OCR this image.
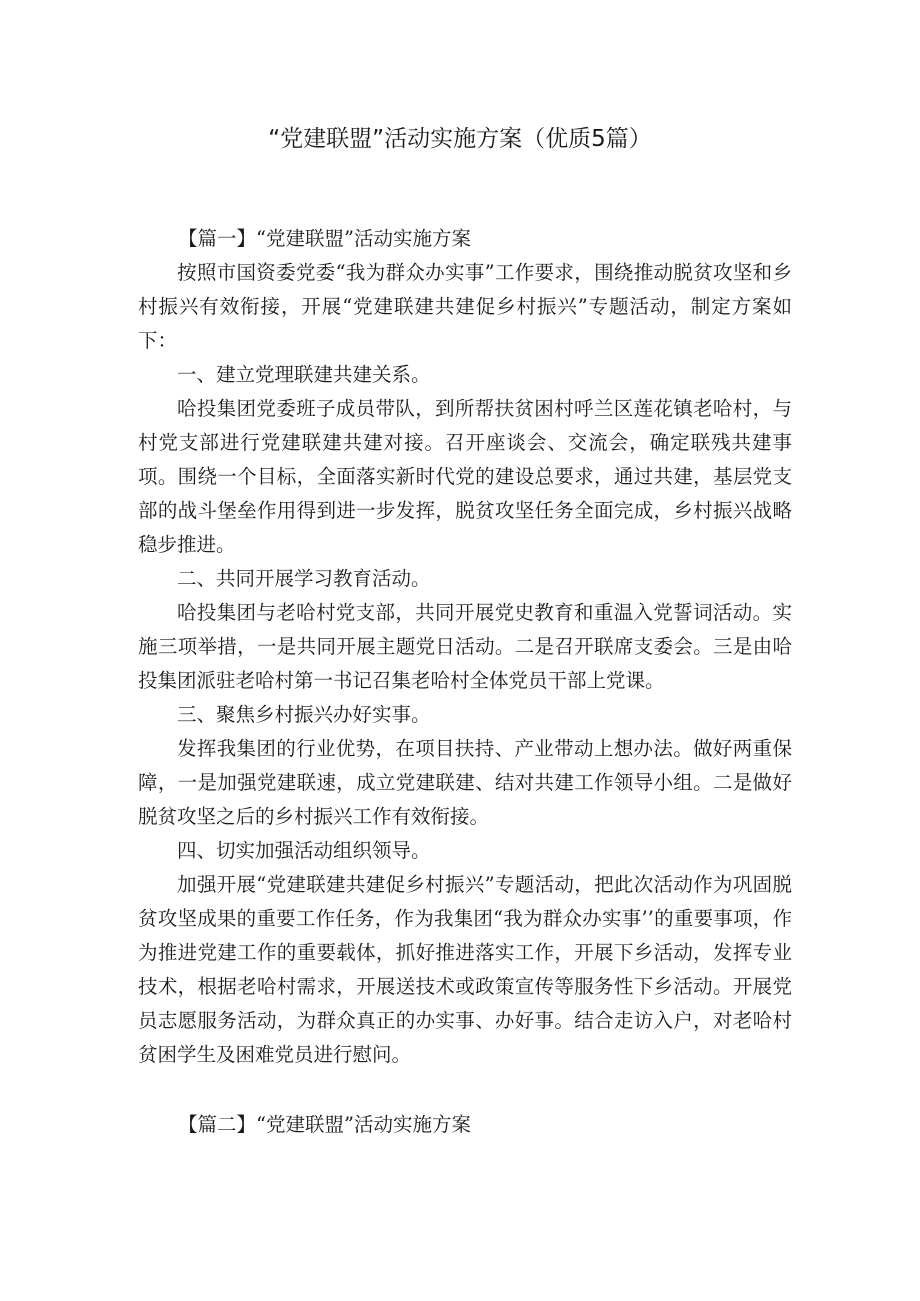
“党建联盟”活动实施方案（优质5篇）
【篇一】“党建联盟”活动实施方案

按照市国资委党委“我为群众办实事”工作要求，围绕推动脱贫攻坚和乡村振兴有效衔接，开展“党建联建共建促乡村振兴”专题活动，制定方案如下：

一、建立党理联建共建关系。

哈投集团党委班子成员带队，到所帮扶贫困村呼兰区莲花镇老哈村，与村党支部进行党建联建共建对接。召开座谈会、交流会，确定联残共建事项。围绕一个目标，全面落实新时代党的建设总要求，通过共建，基层党支部的战斗堡垒作用得到进一步发挥，脱贫攻坚任务全面完成，乡村振兴战略稳步推进。

二、共同开展学习教育活动。

哈投集团与老哈村党支部，共同开展党史教育和重温入党誓词活动。实施三项举措，一是共同开展主题党日活动。二是召开联席支委会。三是由哈投集团派驻老哈村第一书记召集老哈村全体党员干部上党课。

三、聚焦乡村振兴办好实事。

发挥我集团的行业优势，在项目扶持、产业带动上想办法。做好两重保障，一是加强党建联速，成立党建联建、结对共建工作领导小组。二是做好脱贫攻坚之后的乡村振兴工作有效衔接。

四、切实加强活动组织领导。

加强开展“党建联建共建促乡村振兴”专题活动，把此次活动作为巩固脱贫攻坚成果的重要工作任务，作为我集团“我为群众办实事’’的重要事项，作为推进党建工作的重要载体，抓好推进落实工作，开展下乡活动，发挥专业技术，根据老哈村需求，开展送技术或政策宣传等服务性下乡活动。开展党员志愿服务活动，为群众真正的办实事、办好事。结合走访入户，对老哈村贫困学生及困难党员进行慰问。

【篇二】“党建联盟”活动实施方案
